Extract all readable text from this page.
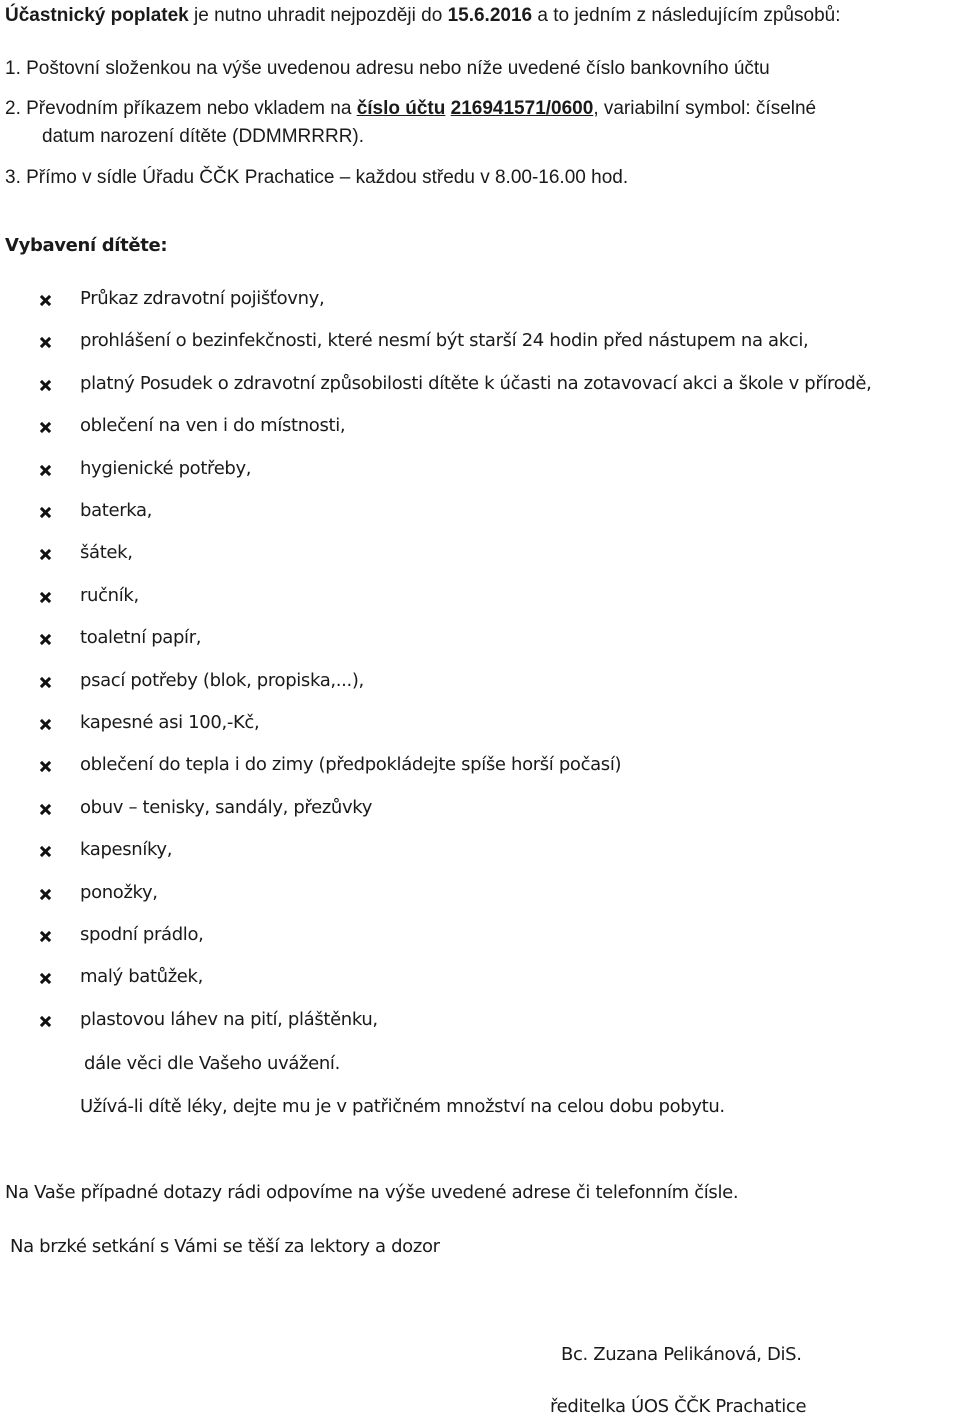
Účastnický poplatek je nutno uhradit nejpozději do 15.6.2016 a to jedním z následujícím způsobů:
1. Poštovní složenkou na výše uvedenou adresu nebo níže uvedené číslo bankovního účtu
2. Převodním příkazem nebo vkladem na číslo účtu 216941571/0600, variabilní symbol: číselné
datum narození dítěte (DDMMRRRR).
3. Přímo v sídle Úřadu ČČK Prachatice – každou středu v 8.00-16.00 hod.
Vybavení dítěte:
Průkaz zdravotní pojišťovny,
prohlášení o bezinfekčnosti, které nesmí být starší 24 hodin před nástupem na akci,
platný Posudek o zdravotní způsobilosti dítěte k účasti na zotavovací akci a škole v přírodě,
oblečení na ven i do místnosti,
hygienické potřeby,
baterka,
šátek,
ručník,
toaletní papír,
psací potřeby (blok, propiska,...),
kapesné asi 100,-Kč,
oblečení do tepla i do zimy (předpokládejte spíše horší počasí)
obuv – tenisky, sandály, přezůvky
kapesníky,
ponožky,
spodní prádlo,
malý batůžek,
plastovou láhev na pití, pláštěnku,
dále věci dle Vašeho uvážení.
Užívá-li dítě léky, dejte mu je v patřičném množství na celou dobu pobytu.
Na Vaše případné dotazy rádi odpovíme na výše uvedené adrese či telefonním čísle.
Na brzké setkání s Vámi se těší za lektory a dozor
Bc. Zuzana Pelikánová, DiS.
ředitelka ÚOS ČČK Prachatice
